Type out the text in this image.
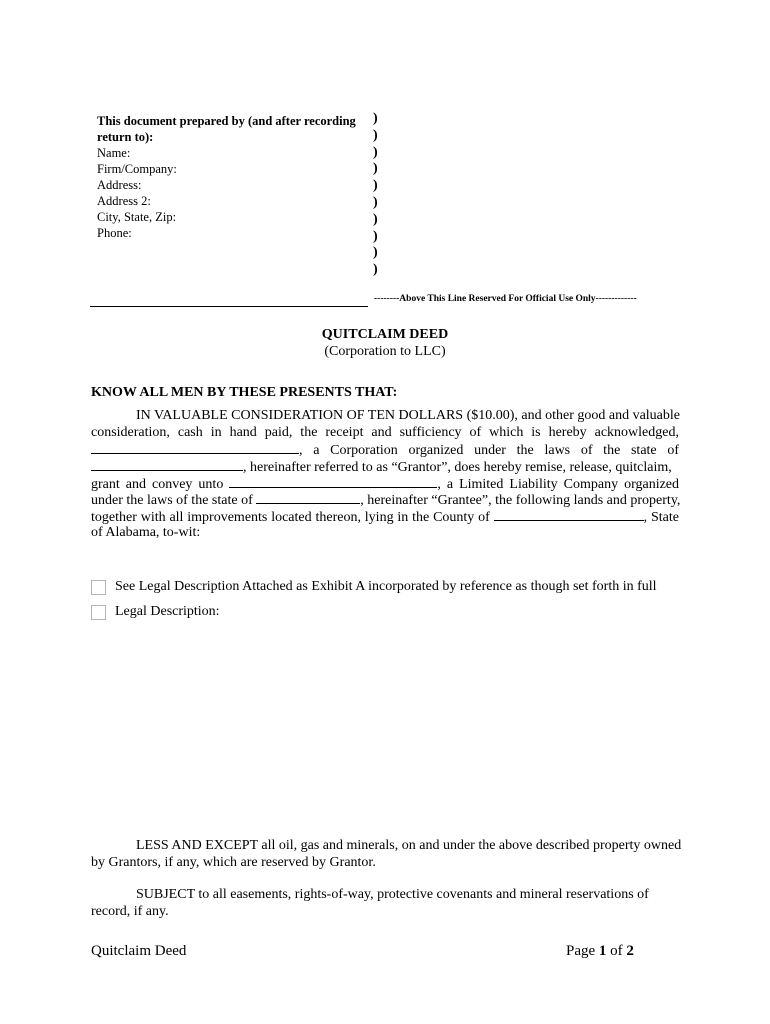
This document prepared by (and after recording
return to):
Name:
Firm/Company:
Address:
Address 2:
City, State, Zip:
Phone:
)
)
)
)
)
)
)
)
)
)
--------Above This Line Reserved For Official Use Only-------------
QUITCLAIM DEED
(Corporation to LLC)
KNOW ALL MEN BY THESE PRESENTS THAT:
IN VALUABLE CONSIDERATION OF TEN DOLLARS ($10.00), and other good and valuable
consideration, cash in hand paid, the receipt and sufficiency of which is hereby acknowledged,
, a Corporation organized under the laws of the state of
, hereinafter referred to as “Grantor”, does hereby remise, release, quitclaim,
grant and convey unto	, a Limited Liability Company organized
under the laws of the state of	, hereinafter “Grantee”, the following lands and property,
together with all improvements located thereon, lying in the County of	, State
of Alabama, to-wit:
See Legal Description Attached as Exhibit A incorporated by reference as though set forth in full
Legal Description:
LESS AND EXCEPT all oil, gas and minerals, on and under the above described property owned
by Grantors, if any, which are reserved by Grantor.
SUBJECT to all easements, rights-of-way, protective covenants and mineral reservations of
record, if any.
Quitclaim Deed	Page 1 of 2
